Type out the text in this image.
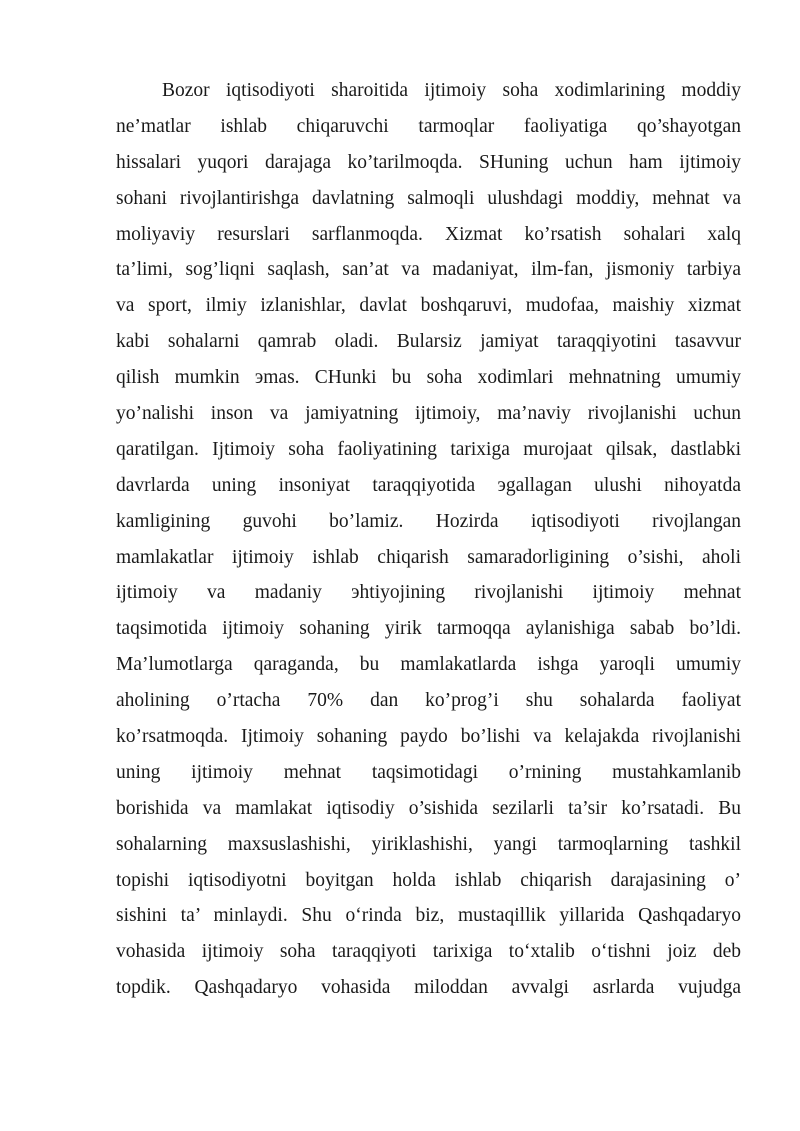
Bozor iqtisodiyoti sharoitida ijtimoiy soha xodimlarining moddiy
ne’matlar ishlab chiqaruvchi tarmoqlar faoliyatiga qo’shayotgan
hissalari yuqori darajaga ko’tarilmoqda. SHuning uchun ham ijtimoiy
sohani rivojlantirishga davlatning salmoqli ulushdagi moddiy, mehnat va
moliyaviy resurslari sarflanmoqda. Xizmat ko’rsatish sohalari xalq
ta’limi, sog’liqni saqlash, san’at va madaniyat, ilm-fan, jismoniy tarbiya
va sport, ilmiy izlanishlar, davlat boshqaruvi, mudofaa, maishiy xizmat
kabi sohalarni qamrab oladi. Bularsiz jamiyat taraqqiyotini tasavvur
qilish mumkin эmas. CHunki bu soha xodimlari mehnatning umumiy
yo’nalishi inson va jamiyatning ijtimoiy, ma’naviy rivojlanishi uchun
qaratilgan. Ijtimoiy soha faoliyatining tarixiga murojaat qilsak, dastlabki
davrlarda uning insoniyat taraqqiyotida эgallagan ulushi nihoyatda
kamligining guvohi bo’lamiz. Hozirda iqtisodiyoti rivojlangan
mamlakatlar ijtimoiy ishlab chiqarish samaradorligining o’sishi, aholi
ijtimoiy va madaniy эhtiyojining rivojlanishi ijtimoiy mehnat
taqsimotida ijtimoiy sohaning yirik tarmoqqa aylanishiga sabab bo’ldi.
Ma’lumotlarga qaraganda, bu mamlakatlarda ishga yaroqli umumiy
aholining o’rtacha 70% dan ko’prog’i shu sohalarda faoliyat
ko’rsatmoqda. Ijtimoiy sohaning paydo bo’lishi va kelajakda rivojlanishi
uning ijtimoiy mehnat taqsimotidagi o’rnining mustahkamlanib
borishida va mamlakat iqtisodiy o’sishida sezilarli ta’sir ko’rsatadi. Bu
sohalarning maxsuslashishi, yiriklashishi, yangi tarmoqlarning tashkil
topishi iqtisodiyotni boyitgan holda ishlab chiqarish darajasining o’
sishini ta’ minlaydi. Shu o‘rinda biz, mustaqillik yillarida Qashqadaryo
vohasida ijtimoiy soha taraqqiyoti tarixiga to‘xtalib o‘tishni joiz deb
topdik. Qashqadaryo vohasida miloddan avvalgi asrlarda vujudga
